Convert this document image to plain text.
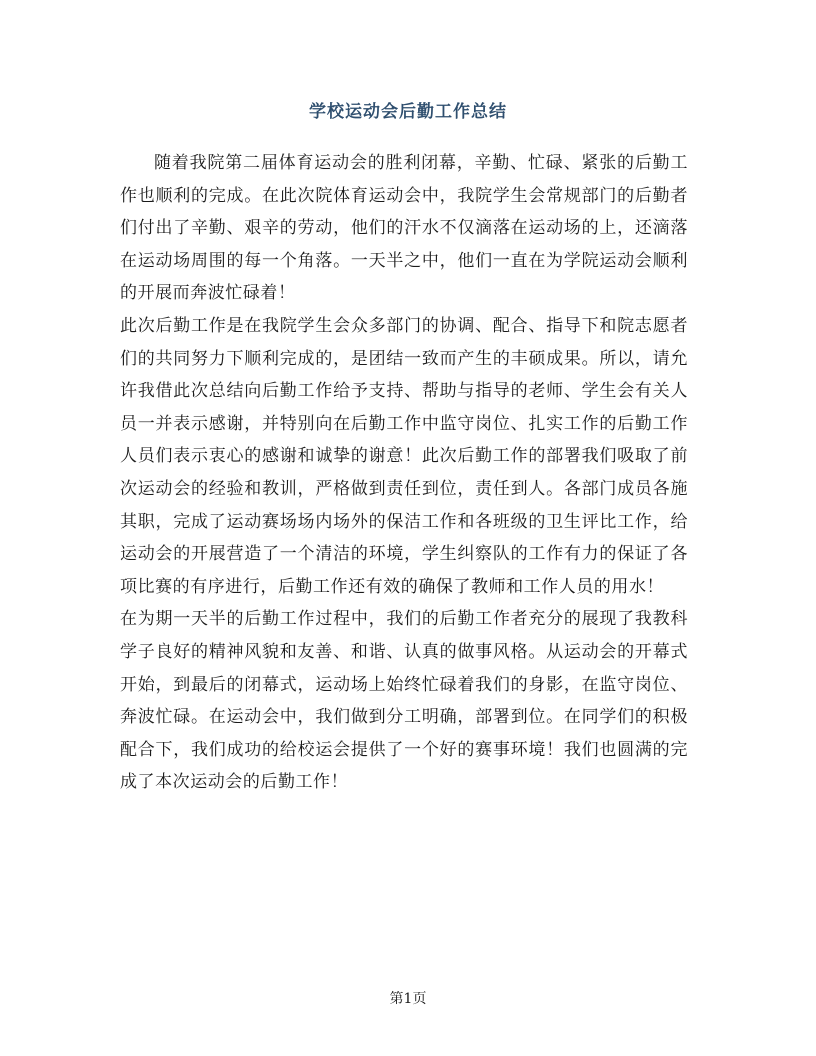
学校运动会后勤工作总结

随着我院第二届体育运动会的胜利闭幕，辛勤、忙碌、紧张的后勤工作也顺利的完成。在此次院体育运动会中，我院学生会常规部门的后勤者们付出了辛勤、艰辛的劳动，他们的汗水不仅滴落在运动场的上，还滴落在运动场周围的每一个角落。一天半之中，他们一直在为学院运动会顺利的开展而奔波忙碌着！

此次后勤工作是在我院学生会众多部门的协调、配合、指导下和院志愿者们的共同努力下顺利完成的，是团结一致而产生的丰硕成果。所以，请允许我借此次总结向后勤工作给予支持、帮助与指导的老师、学生会有关人员一并表示感谢，并特别向在后勤工作中监守岗位、扎实工作的后勤工作人员们表示衷心的感谢和诚挚的谢意！此次后勤工作的部署我们吸取了前次运动会的经验和教训，严格做到责任到位，责任到人。各部门成员各施其职，完成了运动赛场场内场外的保洁工作和各班级的卫生评比工作，给运动会的开展营造了一个清洁的环境，学生纠察队的工作有力的保证了各项比赛的有序进行，后勤工作还有效的确保了教师和工作人员的用水！

在为期一天半的后勤工作过程中，我们的后勤工作者充分的展现了我教科学子良好的精神风貌和友善、和谐、认真的做事风格。从运动会的开幕式开始，到最后的闭幕式，运动场上始终忙碌着我们的身影，在监守岗位、奔波忙碌。在运动会中，我们做到分工明确，部署到位。在同学们的积极配合下，我们成功的给校运会提供了一个好的赛事环境！我们也圆满的完成了本次运动会的后勤工作！

第1页
